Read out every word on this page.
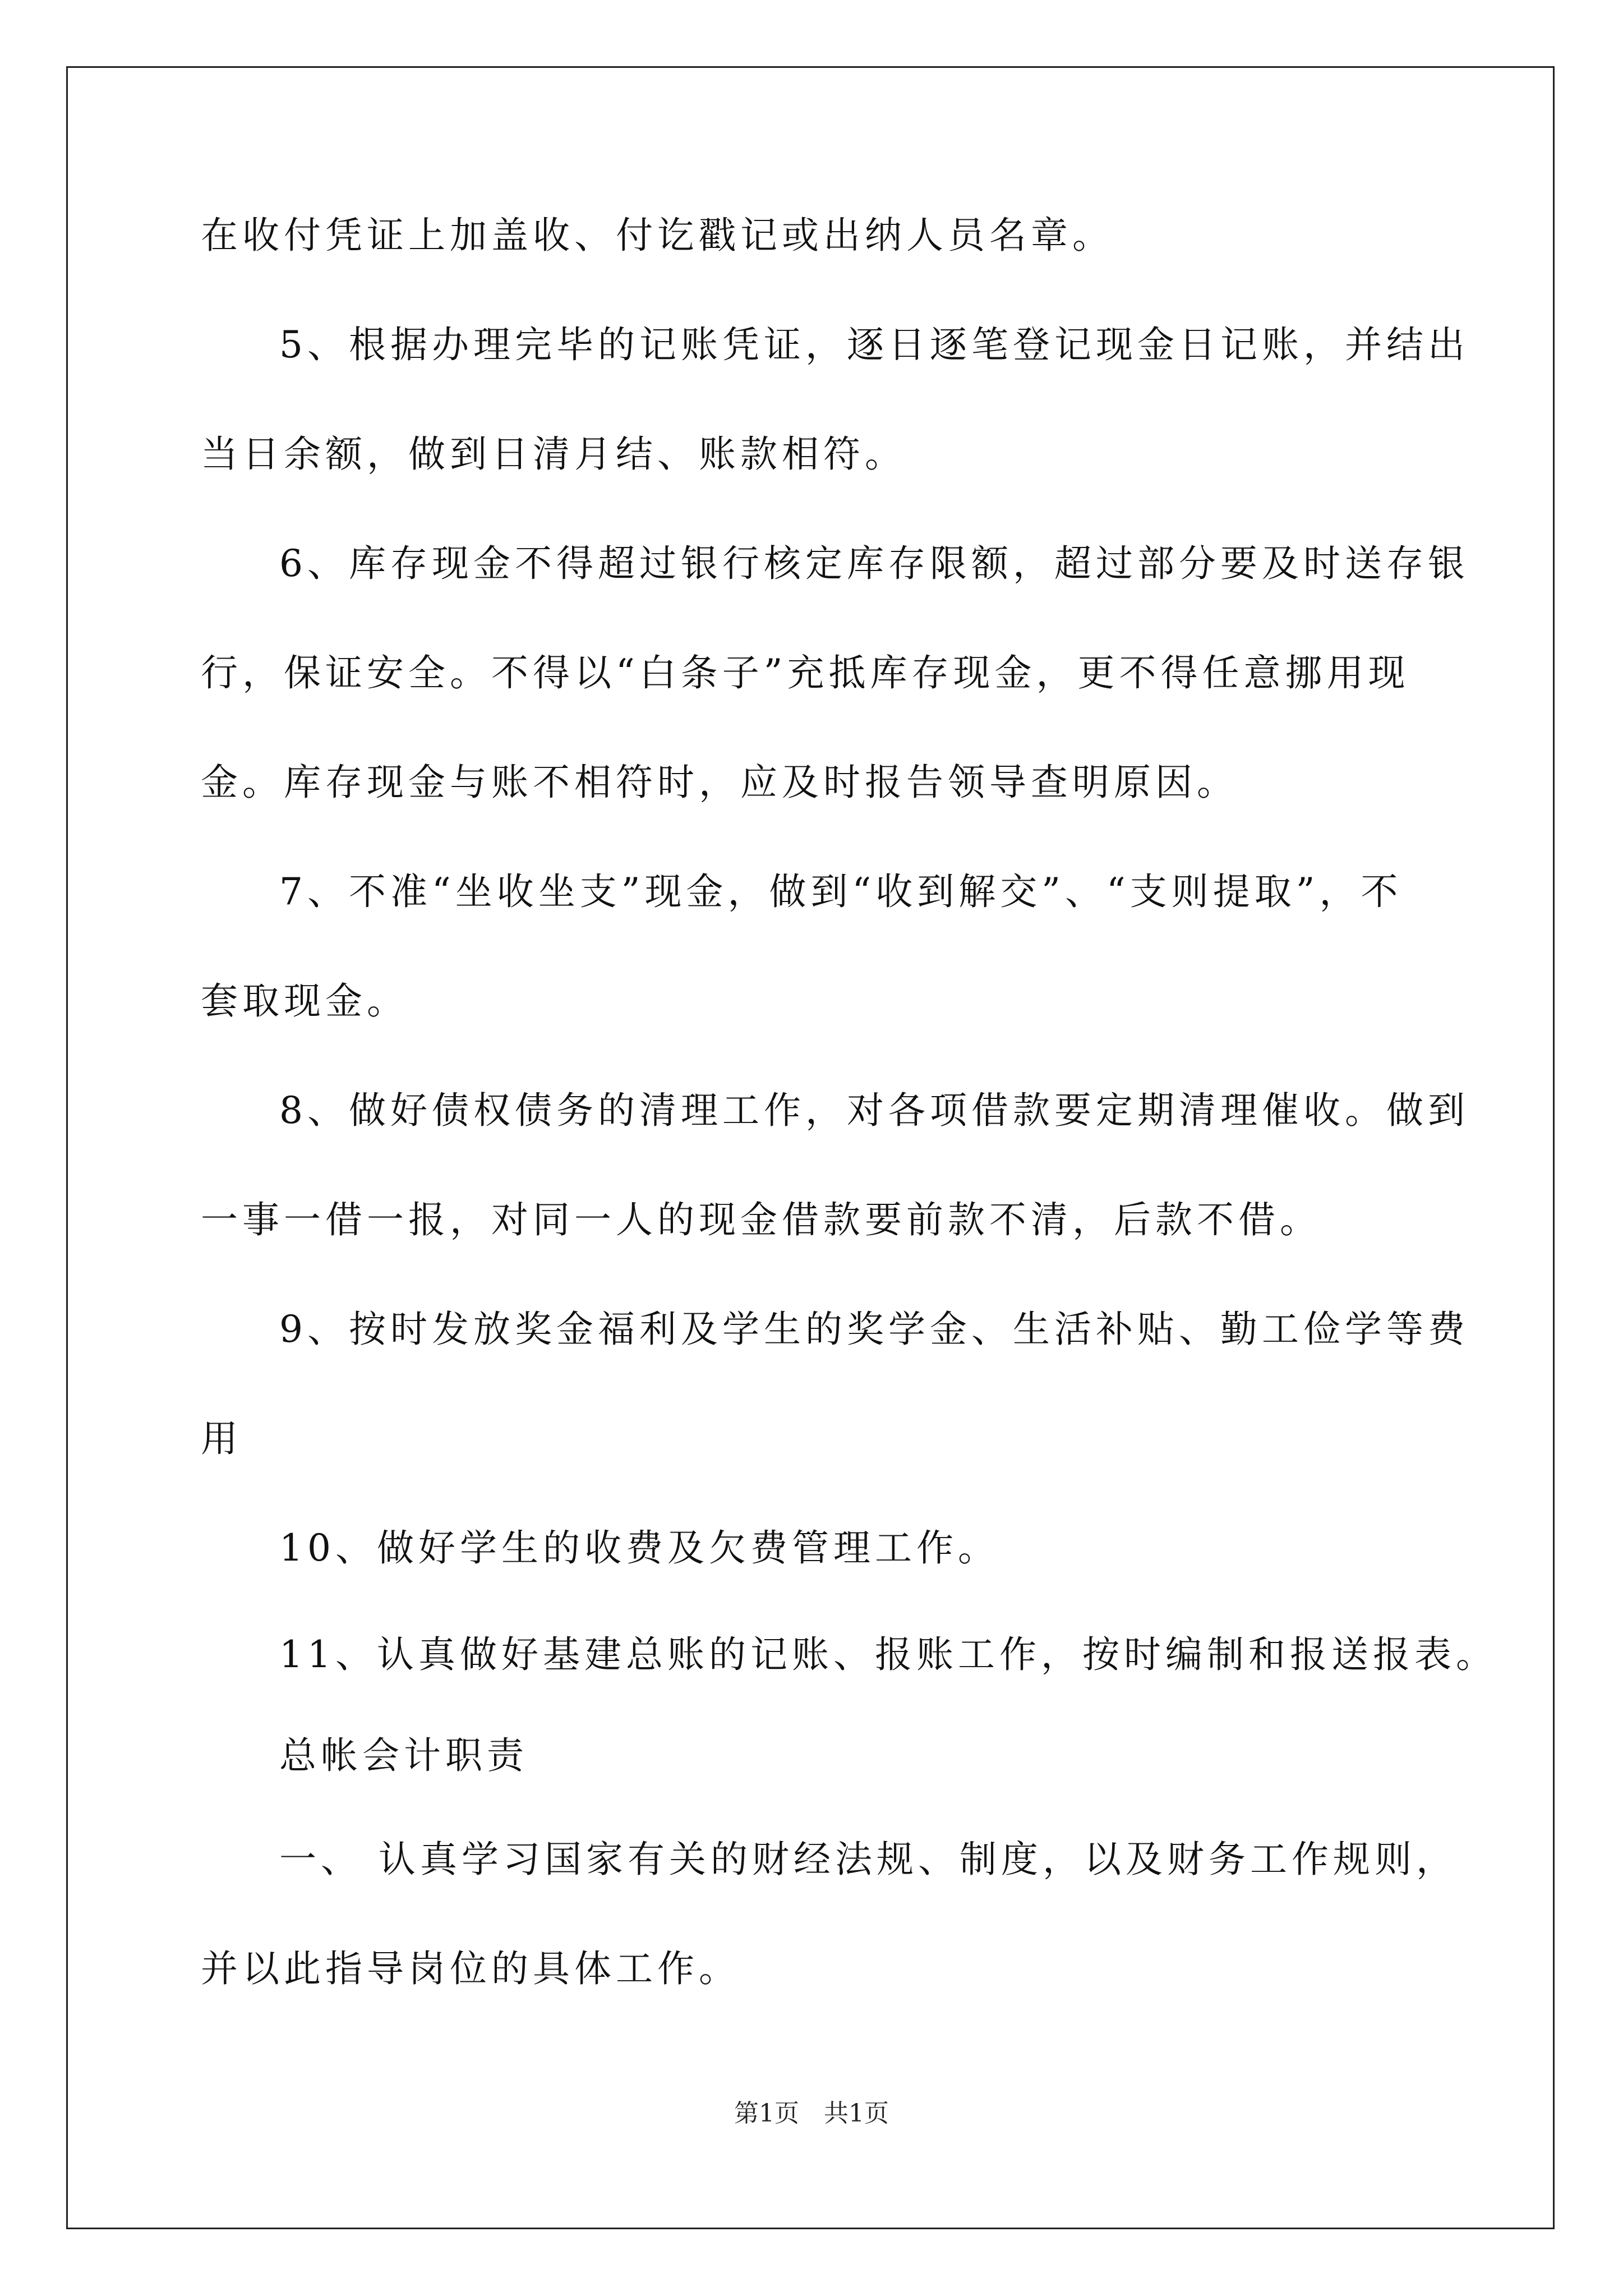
在收付凭证上加盖收、付讫戳记或出纳人员名章。
5、根据办理完毕的记账凭证，逐日逐笔登记现金日记账，并结出
当日余额，做到日清月结、账款相符。
6、库存现金不得超过银行核定库存限额，超过部分要及时送存银
行，保证安全。不得以“白条子”充抵库存现金，更不得任意挪用现
金。库存现金与账不相符时，应及时报告领导查明原因。
7、不准“坐收坐支”现金，做到“收到解交”、“支则提取”，不
套取现金。
8、做好债权债务的清理工作，对各项借款要定期清理催收。做到
一事一借一报，对同一人的现金借款要前款不清，后款不借。
9、按时发放奖金福利及学生的奖学金、生活补贴、勤工俭学等费
用
10、做好学生的收费及欠费管理工作。
11、认真做好基建总账的记账、报账工作，按时编制和报送报表。
总帐会计职责
一、 认真学习国家有关的财经法规、制度，以及财务工作规则，
并以此指导岗位的具体工作。
第1页　共1页
